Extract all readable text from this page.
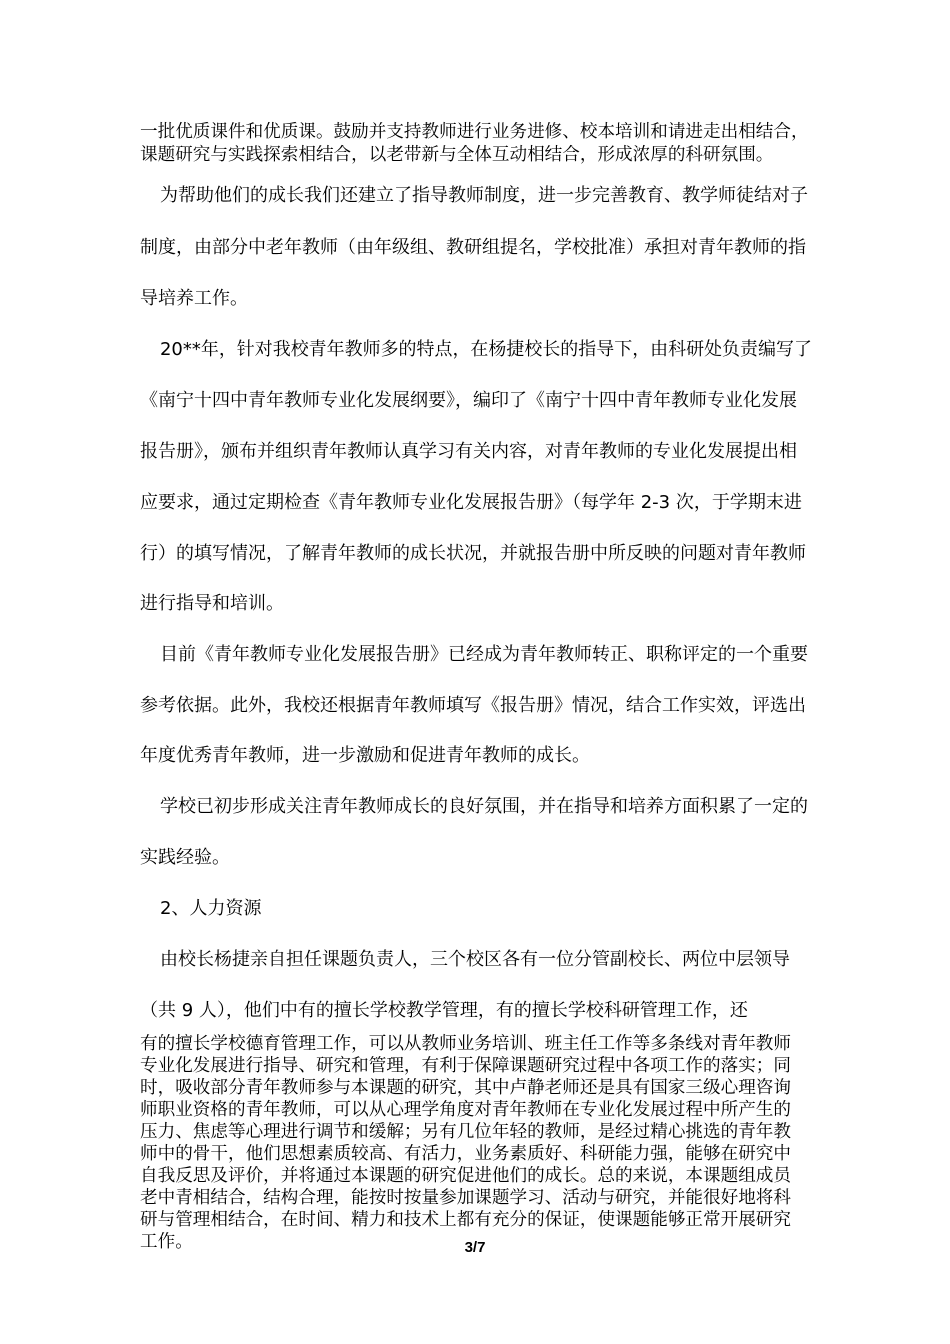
一批优质课件和优质课。鼓励并支持教师进行业务进修、校本培训和请进走出相结合，
课题研究与实践探索相结合，以老带新与全体互动相结合，形成浓厚的科研氛围。
为帮助他们的成长我们还建立了指导教师制度，进一步完善教育、教学师徒结对子
制度，由部分中老年教师（由年级组、教研组提名，学校批准）承担对青年教师的指
导培养工作。
20**年，针对我校青年教师多的特点，在杨捷校长的指导下，由科研处负责编写了
《南宁十四中青年教师专业化发展纲要》，编印了《南宁十四中青年教师专业化发展
报告册》，颁布并组织青年教师认真学习有关内容，对青年教师的专业化发展提出相
应要求，通过定期检查《青年教师专业化发展报告册》（每学年 2-3 次，于学期末进
行）的填写情况，了解青年教师的成长状况，并就报告册中所反映的问题对青年教师
进行指导和培训。
目前《青年教师专业化发展报告册》已经成为青年教师转正、职称评定的一个重要
参考依据。此外，我校还根据青年教师填写《报告册》情况，结合工作实效，评选出
年度优秀青年教师，进一步激励和促进青年教师的成长。
学校已初步形成关注青年教师成长的良好氛围，并在指导和培养方面积累了一定的
实践经验。
2、人力资源
由校长杨捷亲自担任课题负责人，三个校区各有一位分管副校长、两位中层领导
（共 9 人），他们中有的擅长学校教学管理，有的擅长学校科研管理工作，还
有的擅长学校德育管理工作，可以从教师业务培训、班主任工作等多条线对青年教师
专业化发展进行指导、研究和管理，有利于保障课题研究过程中各项工作的落实；同
时，吸收部分青年教师参与本课题的研究，其中卢静老师还是具有国家三级心理咨询
师职业资格的青年教师，可以从心理学角度对青年教师在专业化发展过程中所产生的
压力、焦虑等心理进行调节和缓解；另有几位年轻的教师，是经过精心挑选的青年教
师中的骨干，他们思想素质较高、有活力，业务素质好、科研能力强，能够在研究中
自我反思及评价，并将通过本课题的研究促进他们的成长。总的来说，本课题组成员
老中青相结合，结构合理，能按时按量参加课题学习、活动与研究，并能很好地将科
研与管理相结合，在时间、精力和技术上都有充分的保证，使课题能够正常开展研究
工作。	3/7
